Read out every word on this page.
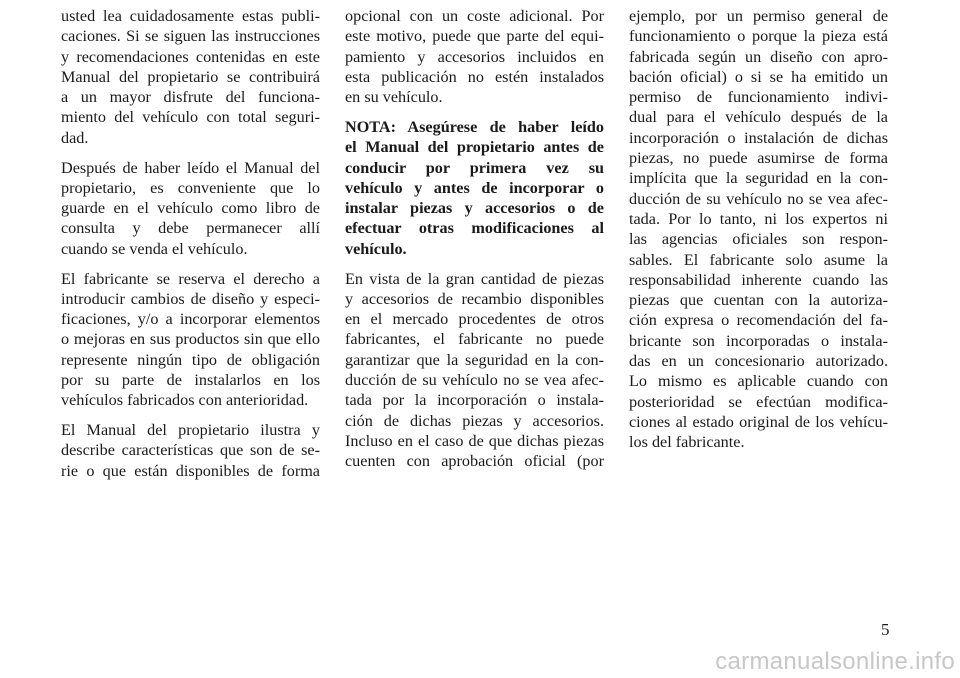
usted lea cuidadosamente estas publi-
caciones. Si se siguen las instrucciones
y recomendaciones contenidas en este
Manual del propietario se contribuirá
a un mayor disfrute del funciona-
miento del vehículo con total seguri-
dad.
Después de haber leído el Manual del
propietario, es conveniente que lo
guarde en el vehículo como libro de
consulta y debe permanecer allí
cuando se venda el vehículo.
El fabricante se reserva el derecho a
introducir cambios de diseño y especi-
ficaciones, y/o a incorporar elementos
o mejoras en sus productos sin que ello
represente ningún tipo de obligación
por su parte de instalarlos en los
vehículos fabricados con anterioridad.
El Manual del propietario ilustra y
describe características que son de se-
rie o que están disponibles de forma
opcional con un coste adicional. Por
este motivo, puede que parte del equi-
pamiento y accesorios incluidos en
esta publicación no estén instalados
en su vehículo.
NOTA: Asegúrese de haber leído
el Manual del propietario antes de
conducir por primera vez su
vehículo y antes de incorporar o
instalar piezas y accesorios o de
efectuar otras modificaciones al
vehículo.
En vista de la gran cantidad de piezas
y accesorios de recambio disponibles
en el mercado procedentes de otros
fabricantes, el fabricante no puede
garantizar que la seguridad en la con-
ducción de su vehículo no se vea afec-
tada por la incorporación o instala-
ción de dichas piezas y accesorios.
Incluso en el caso de que dichas piezas
cuenten con aprobación oficial (por
ejemplo, por un permiso general de
funcionamiento o porque la pieza está
fabricada según un diseño con apro-
bación oficial) o si se ha emitido un
permiso de funcionamiento indivi-
dual para el vehículo después de la
incorporación o instalación de dichas
piezas, no puede asumirse de forma
implícita que la seguridad en la con-
ducción de su vehículo no se vea afec-
tada. Por lo tanto, ni los expertos ni
las agencias oficiales son respon-
sables. El fabricante solo asume la
responsabilidad inherente cuando las
piezas que cuentan con la autoriza-
ción expresa o recomendación del fa-
bricante son incorporadas o instala-
das en un concesionario autorizado.
Lo mismo es aplicable cuando con
posterioridad se efectúan modifica-
ciones al estado original de los vehícu-
los del fabricante.
5
carmanualsonline.info
